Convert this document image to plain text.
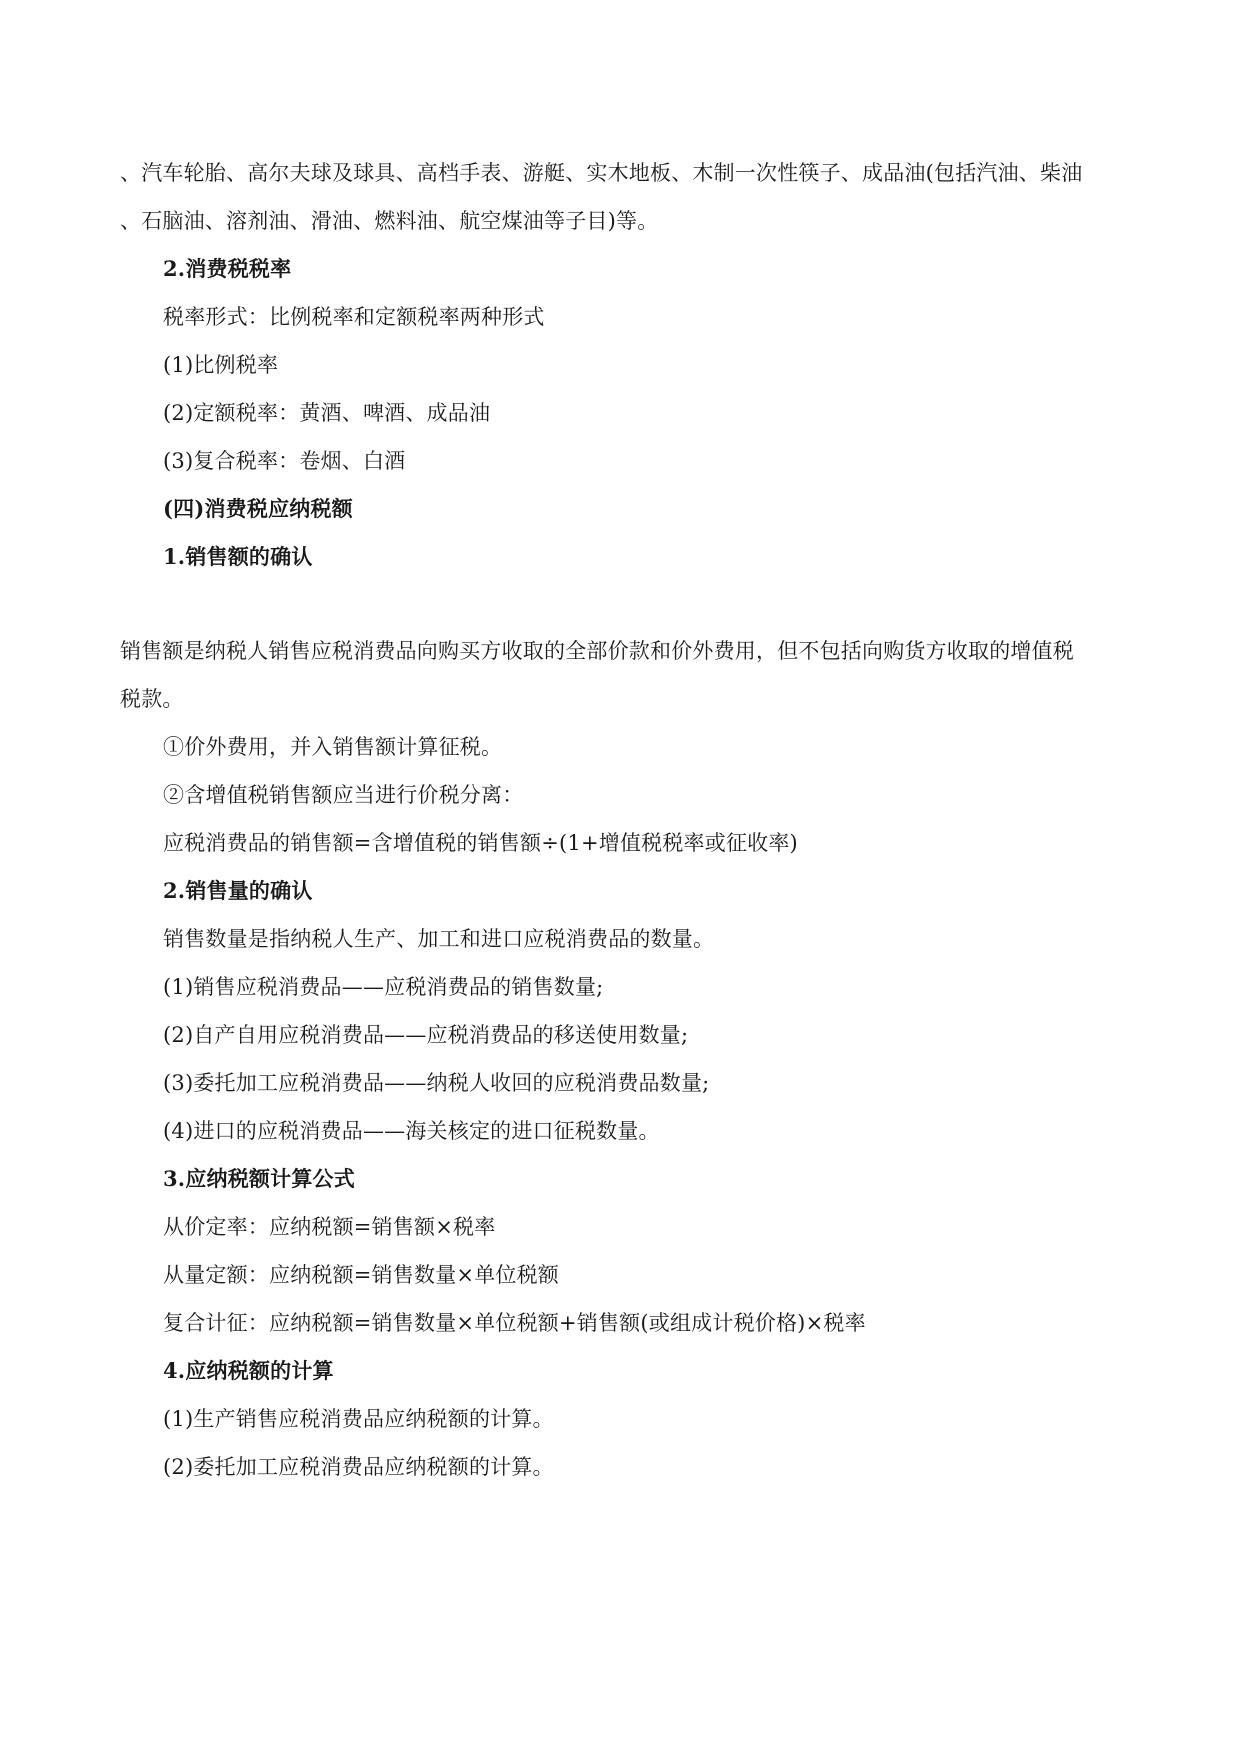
、汽车轮胎、高尔夫球及球具、高档手表、游艇、实木地板、木制一次性筷子、成品油(包括汽油、柴油
、石脑油、溶剂油、滑油、燃料油、航空煤油等子目)等。
2.消费税税率
税率形式：比例税率和定额税率两种形式
(1)比例税率
(2)定额税率：黄酒、啤酒、成品油
(3)复合税率：卷烟、白酒
(四)消费税应纳税额
1.销售额的确认
销售额是纳税人销售应税消费品向购买方收取的全部价款和价外费用，但不包括向购货方收取的增值税
税款。
①价外费用，并入销售额计算征税。
②含增值税销售额应当进行价税分离：
应税消费品的销售额=含增值税的销售额÷(1+增值税税率或征收率)
2.销售量的确认
销售数量是指纳税人生产、加工和进口应税消费品的数量。
(1)销售应税消费品——应税消费品的销售数量;
(2)自产自用应税消费品——应税消费品的移送使用数量;
(3)委托加工应税消费品——纳税人收回的应税消费品数量;
(4)进口的应税消费品——海关核定的进口征税数量。
3.应纳税额计算公式
从价定率：应纳税额=销售额×税率
从量定额：应纳税额=销售数量×单位税额
复合计征：应纳税额=销售数量×单位税额+销售额(或组成计税价格)×税率
4.应纳税额的计算
(1)生产销售应税消费品应纳税额的计算。
(2)委托加工应税消费品应纳税额的计算。
